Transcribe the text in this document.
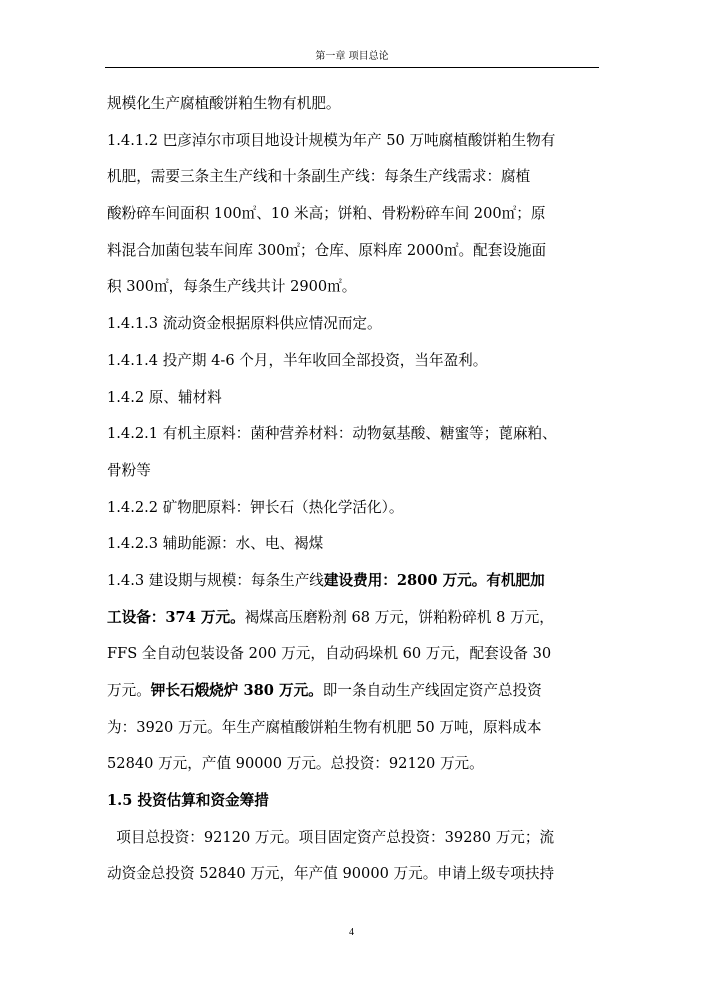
第一章 项目总论
规模化生产腐植酸饼粕生物有机肥。
1.4.1.2 巴彦淖尔市项目地设计规模为年产 50 万吨腐植酸饼粕生物有
机肥，需要三条主生产线和十条副生产线：每条生产线需求：腐植
酸粉碎车间面积 100㎡、10 米高；饼粕、骨粉粉碎车间 200㎡；原
料混合加菌包装车间库 300㎡；仓库、原料库 2000㎡。配套设施面
积 300㎡，每条生产线共计 2900㎡。
1.4.1.3 流动资金根据原料供应情况而定。
1.4.1.4 投产期 4-6 个月，半年收回全部投资，当年盈利。
1.4.2 原、辅材料
1.4.2.1 有机主原料：菌种营养材料：动物氨基酸、糖蜜等；蓖麻粕、
骨粉等
1.4.2.2 矿物肥原料：钾长石（热化学活化）。
1.4.2.3 辅助能源：水、电、褐煤
1.4.3 建设期与规模：每条生产线建设费用：2800 万元。有机肥加
工设备：374 万元。褐煤高压磨粉剂 68 万元，饼粕粉碎机 8 万元，
FFS 全自动包装设备 200 万元，自动码垛机 60 万元，配套设备 30
万元。钾长石煅烧炉 380 万元。即一条自动生产线固定资产总投资
为：3920 万元。年生产腐植酸饼粕生物有机肥 50 万吨，原料成本
52840 万元，产值 90000 万元。总投资：92120 万元。
1.5 投资估算和资金筹措
项目总投资：92120 万元。项目固定资产总投资：39280 万元；流
动资金总投资 52840 万元，年产值 90000 万元。申请上级专项扶持
4
